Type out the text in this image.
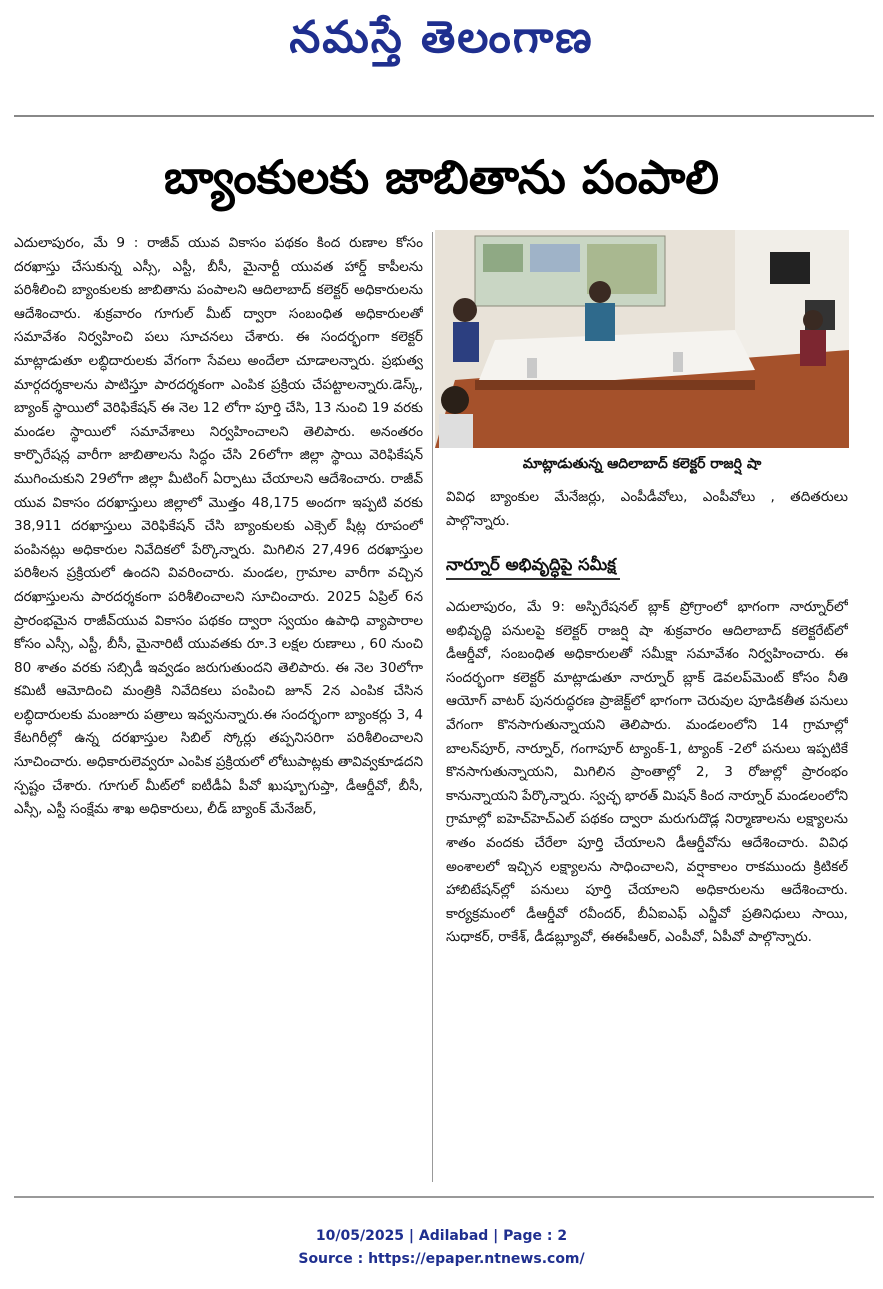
నమస్తే తెలంగాణ
బ్యాంకులకు జాబితాను పంపాలి

ఎదులాపురం, మే 9 : రాజీవ్ యువ వికాసం పథకం కింద రుణాల కోసం దరఖాస్తు చేసుకున్న ఎస్సీ, ఎస్టీ, బీసీ, మైనార్టీ యువత హార్డ్ కాపీలను పరిశీలించి బ్యాంకులకు జాబితాను పంపాలని ఆదిలాబాద్ కలెక్టర్ అధికారులను ఆదేశించారు. శుక్రవారం గూగుల్ మీట్ ద్వారా సంబంధిత అధికారులతో సమావేశం నిర్వహించి పలు సూచనలు చేశారు. ఈ సందర్భంగా కలెక్టర్ మాట్లాడుతూ లబ్ధిదారులకు వేగంగా సేవలు అందేలా చూడాలన్నారు. ప్రభుత్వ మార్గదర్శకాలను పాటిస్తూ పారదర్శకంగా ఎంపిక ప్రక్రియ చేపట్టాలన్నారు.డెస్క్, బ్యాంక్ స్థాయిలో వెరిఫికేషన్ ఈ నెల 12 లోగా పూర్తి చేసి, 13 నుంచి 19 వరకు మండల స్థాయిలో సమావేశాలు నిర్వహించాలని తెలిపారు. అనంతరం కార్పొరేషన్ల వారీగా జాబితాలను సిద్ధం చేసి 26లోగా జిల్లా స్థాయి వెరిఫికేషన్ ముగించుకుని 29లోగా జిల్లా మీటింగ్ ఏర్పాటు చేయాలని ఆదేశించారు. రాజీవ్ యువ వికాసం దరఖాస్తులు జిల్లాలో మొత్తం 48,175 అందగా ఇప్పటి వరకు 38,911 దరఖాస్తులు వెరిఫికేషన్ చేసి బ్యాంకులకు ఎక్సెల్ షీట్ల రూపంలో పంపినట్లు అధికారుల నివేదికలో పేర్కొన్నారు. మిగిలిన 27,496 దరఖాస్తుల పరిశీలన ప్రక్రియలో ఉందని వివరించారు. మండల, గ్రామాల వారీగా వచ్చిన దరఖాస్తులను పారదర్శకంగా పరిశీలించాలని సూచించారు. 2025 ఏప్రిల్ 6న ప్రారంభమైన రాజీవ్‌యువ వికాసం పథకం ద్వారా స్వయం ఉపాధి వ్యాపారాల కోసం ఎస్సీ, ఎస్టీ, బీసీ, మైనారిటీ యువతకు రూ.3 లక్షల రుణాలు , 60 నుంచి 80 శాతం వరకు సబ్సిడీ ఇవ్వడం జరుగుతుందని తెలిపారు. ఈ నెల 30లోగా కమిటీ ఆమోదించి మంత్రికి నివేదికలు పంపించి జూన్ 2న ఎంపిక చేసిన లబ్ధిదారులకు మంజూరు పత్రాలు ఇవ్వనున్నారు.ఈ సందర్భంగా బ్యాంకర్లు 3, 4 కేటగిరీల్లో ఉన్న దరఖాస్తుల సిబిల్ స్కోర్లు తప్పనిసరిగా పరిశీలించాలని సూచించారు. అధికారులెవ్వరూ ఎంపిక ప్రక్రియలో లోటుపాట్లకు తావివ్వకూడదని స్పష్టం చేశారు. గూగుల్ మీట్‌లో ఐటీడీఏ పీవో ఖుష్బూగుప్తా, డీఆర్డీవో, బీసీ, ఎస్సీ, ఎస్టీ సంక్షేమ శాఖ అధికారులు, లీడ్ బ్యాంక్ మేనేజర్,

మాట్లాడుతున్న ఆదిలాబాద్ కలెక్టర్ రాజర్షి షా

వివిధ బ్యాంకుల మేనేజర్లు, ఎంపీడీవోలు, ఎంపీవోలు , తదితరులు పాల్గొన్నారు.

నార్నూర్ అభివృద్ధిపై సమీక్ష

ఎదులాపురం, మే 9: అస్పిరేషనల్ బ్లాక్ ప్రోగ్రాంలో భాగంగా నార్నూర్‌లో అభివృద్ధి పనులపై కలెక్టర్ రాజర్షి షా శుక్రవారం ఆదిలాబాద్ కలెక్టరేట్‌లో డీఆర్డీవో, సంబంధిత అధికారులతో సమీక్షా సమావేశం నిర్వహించారు. ఈ సందర్భంగా కలెక్టర్ మాట్లాడుతూ నార్నూర్ బ్లాక్ డెవలప్‌మెంట్ కోసం నీతి ఆయోగ్ వాటర్ పునరుద్ధరణ ప్రాజెక్ట్‌లో భాగంగా చెరువుల పూడికతీత పనులు వేగంగా కొనసాగుతున్నాయని తెలిపారు. మండలంలోని 14 గ్రామాల్లో బాలన్‌పూర్, నార్నూర్, గంగాపూర్ ట్యాంక్-1, ట్యాంక్ -2లో పనులు ఇప్పటికే కొనసాగుతున్నాయని, మిగిలిన ప్రాంతాల్లో 2, 3 రోజుల్లో ప్రారంభం కానున్నాయని పేర్కొన్నారు. స్వచ్ఛ భారత్ మిషన్ కింద నార్నూర్ మండలంలోని గ్రామాల్లో ఐహెచ్‌హెచ్ఎల్ పథకం ద్వారా మరుగుదొడ్ల నిర్మాణాలను లక్ష్యాలను శాతం వందకు చేరేలా పూర్తి చేయాలని డీఆర్డీవోను ఆదేశించారు. వివిధ అంశాలలో ఇచ్చిన లక్ష్యాలను సాధించాలని, వర్షాకాలం రాకముందు క్రిటికల్ హాబిటేషన్‌ల్లో పనులు పూర్తి చేయాలని అధికారులను ఆదేశించారు. కార్యక్రమంలో డీఆర్డీవో రవీందర్, బీఏఐఎఫ్ ఎన్జీవో ప్రతినిధులు సాయి, సుధాకర్, రాకేశ్, డీడబ్ల్యూవో, ఈఈపీఆర్, ఎంపీవో, ఏపీవో పాల్గొన్నారు.

10/05/2025 | Adilabad | Page : 2
Source : https://epaper.ntnews.com/
